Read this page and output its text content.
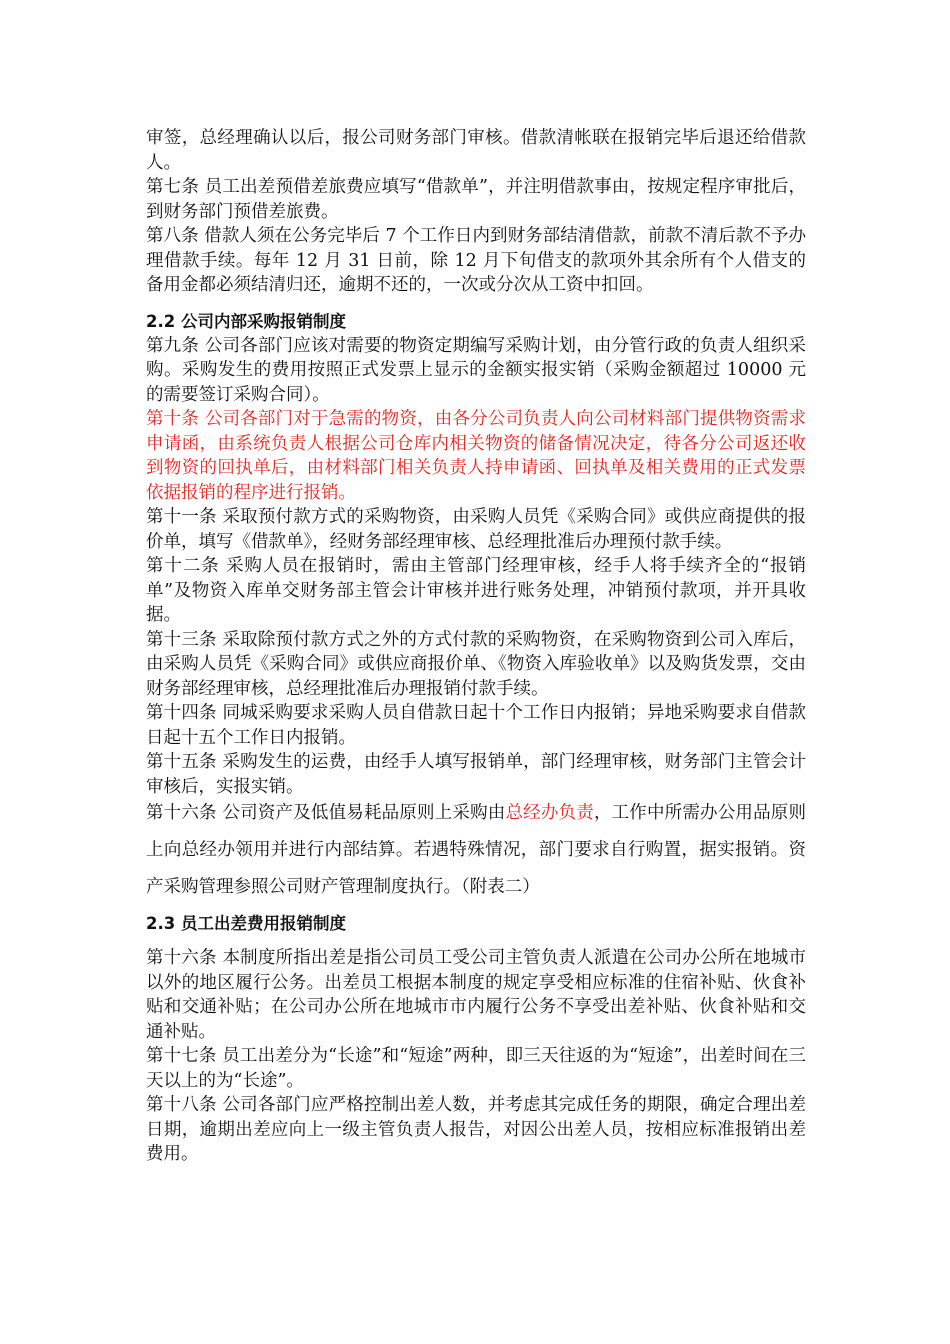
审签，总经理确认以后，报公司财务部门审核。借款清帐联在报销完毕后退还给借款人。

第七条 员工出差预借差旅费应填写“借款单”，并注明借款事由，按规定程序审批后，到财务部门预借差旅费。

第八条 借款人须在公务完毕后 7 个工作日内到财务部结清借款，前款不清后款不予办理借款手续。每年 12 月 31 日前，除 12 月下旬借支的款项外其余所有个人借支的备用金都必须结清归还，逾期不还的，一次或分次从工资中扣回。

2.2 公司内部采购报销制度

第九条 公司各部门应该对需要的物资定期编写采购计划，由分管行政的负责人组织采购。采购发生的费用按照正式发票上显示的金额实报实销（采购金额超过 10000 元的需要签订采购合同）。

第十条 公司各部门对于急需的物资，由各分公司负责人向公司材料部门提供物资需求申请函，由系统负责人根据公司仓库内相关物资的储备情况决定，待各分公司返还收到物资的回执单后，由材料部门相关负责人持申请函、回执单及相关费用的正式发票依据报销的程序进行报销。

第十一条 采取预付款方式的采购物资，由采购人员凭《采购合同》或供应商提供的报价单，填写《借款单》，经财务部经理审核、总经理批准后办理预付款手续。

第十二条 采购人员在报销时，需由主管部门经理审核，经手人将手续齐全的“报销单”及物资入库单交财务部主管会计审核并进行账务处理，冲销预付款项，并开具收据。

第十三条 采取除预付款方式之外的方式付款的采购物资，在采购物资到公司入库后，由采购人员凭《采购合同》或供应商报价单、《物资入库验收单》以及购货发票，交由财务部经理审核，总经理批准后办理报销付款手续。

第十四条 同城采购要求采购人员自借款日起十个工作日内报销；异地采购要求自借款日起十五个工作日内报销。

第十五条 采购发生的运费，由经手人填写报销单，部门经理审核，财务部门主管会计审核后，实报实销。

第十六条 公司资产及低值易耗品原则上采购由总经办负责，工作中所需办公用品原则上向总经办领用并进行内部结算。若遇特殊情况，部门要求自行购置，据实报销。资产采购管理参照公司财产管理制度执行。（附表二）

2.3 员工出差费用报销制度

第十六条 本制度所指出差是指公司员工受公司主管负责人派遣在公司办公所在地城市以外的地区履行公务。出差员工根据本制度的规定享受相应标准的住宿补贴、伙食补贴和交通补贴；在公司办公所在地城市市内履行公务不享受出差补贴、伙食补贴和交通补贴。

第十七条 员工出差分为“长途”和“短途”两种，即三天往返的为“短途”，出差时间在三天以上的为“长途”。

第十八条 公司各部门应严格控制出差人数，并考虑其完成任务的期限，确定合理出差日期，逾期出差应向上一级主管负责人报告，对因公出差人员，按相应标准报销出差费用。
